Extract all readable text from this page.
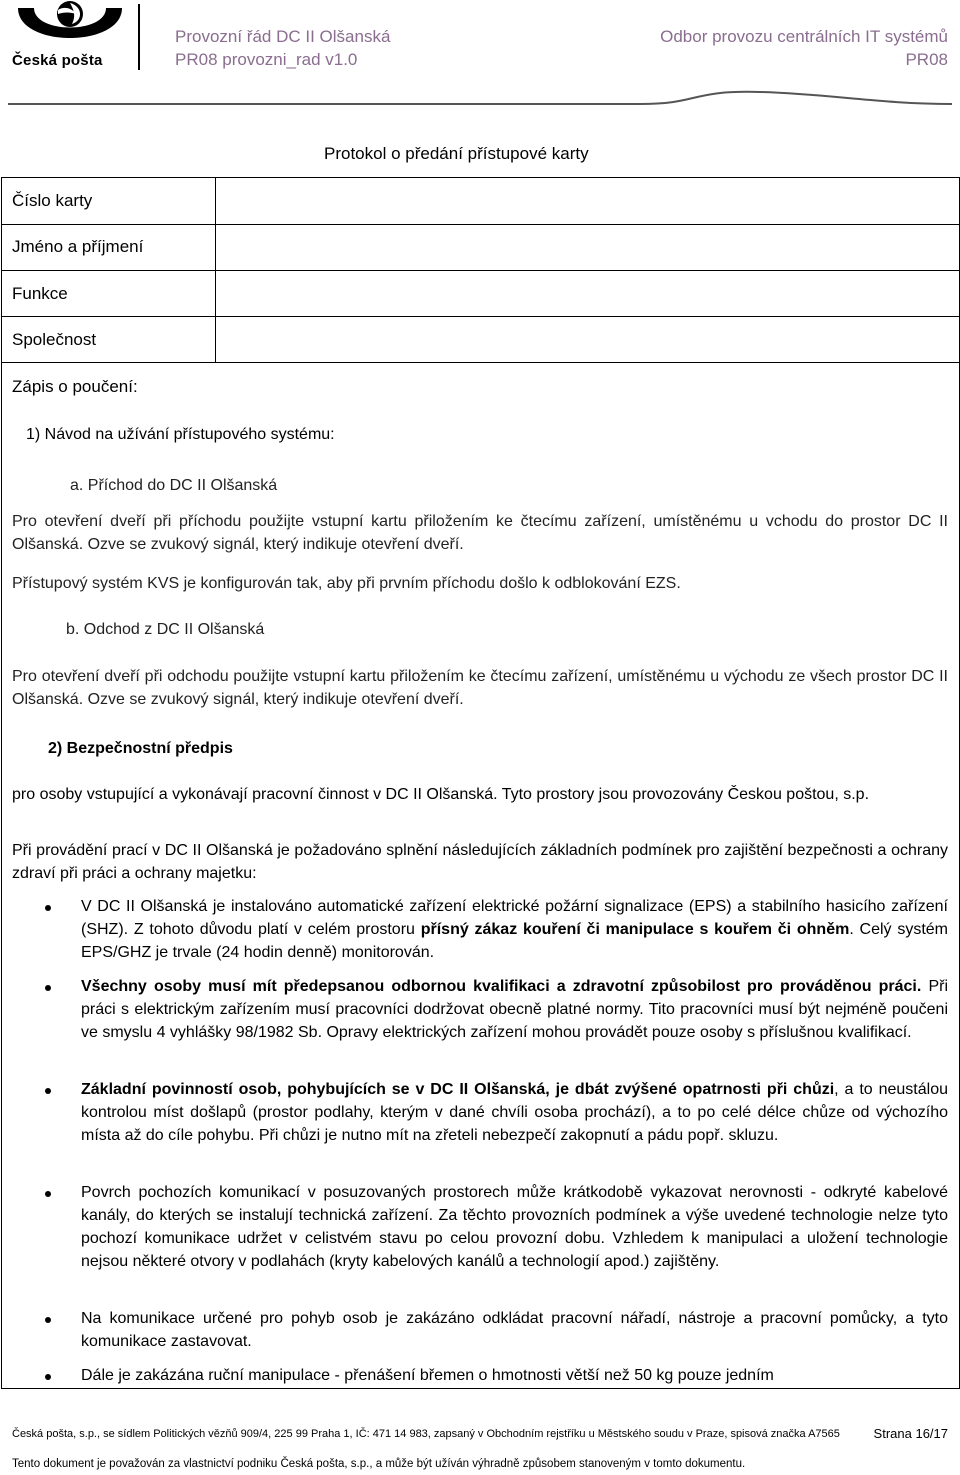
Česká pošta
Provozní řád DC II Olšanská
PR08 provozni_rad v1.0
Odbor provozu centrálních IT systémů
PR08
Protokol o předání přístupové karty
Číslo karty
Jméno a příjmení
Funkce
Společnost
Zápis o poučení:
1) Návod na užívání přístupového systému:
a. Příchod do DC II Olšanská
Pro otevření dveří při příchodu použijte vstupní kartu přiložením ke čtecímu zařízení, umístěnému u vchodu do prostor DC II Olšanská. Ozve se zvukový signál, který indikuje otevření dveří.
Přístupový systém KVS je konfigurován tak, aby při prvním příchodu došlo k odblokování EZS.
b. Odchod z DC II Olšanská
Pro otevření dveří při odchodu použijte vstupní kartu přiložením ke čtecímu zařízení, umístěnému u východu ze všech prostor DC II Olšanská. Ozve se zvukový signál, který indikuje otevření dveří.
2) Bezpečnostní předpis
pro osoby vstupující a vykonávají pracovní činnost v DC II Olšanská. Tyto prostory jsou provozovány Českou poštou, s.p.
Při provádění prací v DC II Olšanská je požadováno splnění následujících základních podmínek pro zajištění bezpečnosti a ochrany zdraví při práci a ochrany majetku:
V DC II Olšanská je instalováno automatické zařízení elektrické požární signalizace (EPS) a stabilního hasicího zařízení (SHZ). Z tohoto důvodu platí v celém prostoru přísný zákaz kouření či manipulace s kouřem či ohněm. Celý systém EPS/GHZ je trvale (24 hodin denně) monitorován.
Všechny osoby musí mít předepsanou odbornou kvalifikaci a zdravotní způsobilost pro prováděnou práci. Při práci s elektrickým zařízením musí pracovníci dodržovat obecně platné normy. Tito pracovníci musí být nejméně poučeni ve smyslu 4 vyhlášky 98/1982 Sb. Opravy elektrických zařízení mohou provádět pouze osoby s příslušnou kvalifikací.
Základní povinností osob, pohybujících se v DC II Olšanská, je dbát zvýšené opatrnosti při chůzi, a to neustálou kontrolou míst došlapů (prostor podlahy, kterým v dané chvíli osoba prochází), a to po celé délce chůze od výchozího místa až do cíle pohybu. Při chůzi je nutno mít na zřeteli nebezpečí zakopnutí a pádu popř. skluzu.
Povrch pochozích komunikací v posuzovaných prostorech může krátkodobě vykazovat nerovnosti - odkryté kabelové kanály, do kterých se instalují technická zařízení. Za těchto provozních podmínek a výše uvedené technologie nelze tyto pochozí komunikace udržet v celistvém stavu po celou provozní dobu. Vzhledem k manipulaci a uložení technologie nejsou některé otvory v podlahách (kryty kabelových kanálů a technologií apod.) zajištěny.
Na komunikace určené pro pohyb osob je zakázáno odkládat pracovní nářadí, nástroje a pracovní pomůcky, a tyto komunikace zastavovat.
Dále je zakázána ruční manipulace - přenášení břemen o hmotnosti větší než 50 kg pouze jedním
Česká pošta, s.p., se sídlem Politických vězňů 909/4, 225 99 Praha 1, IČ: 471 14 983, zapsaný v Obchodním rejstříku u Městského soudu v Praze, spisová značka A7565	Strana 16/17
Tento dokument je považován za vlastnictví podniku Česká pošta, s.p., a může být užíván výhradně způsobem stanoveným v tomto dokumentu.
